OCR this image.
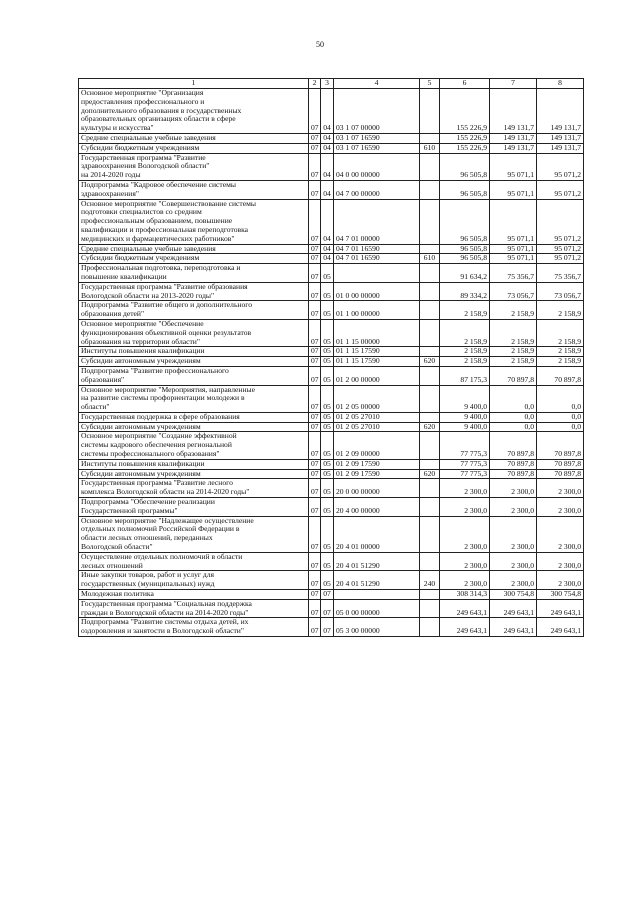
50
1	2	3	4	5	6	7	8
Основное мероприятие "Организация
предоставления профессионального и
дополнительного образования в государственных
образовательных организациях области в сфере
культуры и искусства"	07	04	03 1 07 00000		155 226,9	149 131,7	149 131,7
Средние специальные учебные заведения	07	04	03 1 07 16590		155 226,9	149 131,7	149 131,7
Субсидии бюджетным учреждениям	07	04	03 1 07 16590	610	155 226,9	149 131,7	149 131,7
Государственная программа "Развитие
здравоохранения Вологодской области"
на 2014-2020 годы	07	04	04 0 00 00000		96 505,8	95 071,1	95 071,2
Подпрограмма "Кадровое обеспечение системы
здравоохранения"	07	04	04 7 00 00000		96 505,8	95 071,1	95 071,2
Основное мероприятие "Совершенствование системы
подготовки специалистов со средним
профессиональным образованием, повышение
квалификации и профессиональная переподготовка
медицинских и фармацевтических работников"	07	04	04 7 01 00000		96 505,8	95 071,1	95 071,2
Средние специальные учебные заведения	07	04	04 7 01 16590		96 505,8	95 071,1	95 071,2
Субсидии бюджетным учреждениям	07	04	04 7 01 16590	610	96 505,8	95 071,1	95 071,2
Профессиональная подготовка, переподготовка и
повышение квалификации	07	05			91 634,2	75 356,7	75 356,7
Государственная программа "Развитие образования
Вологодской области на 2013-2020 годы"	07	05	01 0 00 00000		89 334,2	73 056,7	73 056,7
Подпрограмма "Развитие общего и дополнительного
образования детей"	07	05	01 1 00 00000		2 158,9	2 158,9	2 158,9
Основное мероприятие "Обеспечение
функционирования объективной оценки результатов
образования на территории области"	07	05	01 1 15 00000		2 158,9	2 158,9	2 158,9
Институты повышения квалификации	07	05	01 1 15 17590		2 158,9	2 158,9	2 158,9
Субсидии автономным учреждениям	07	05	01 1 15 17590	620	2 158,9	2 158,9	2 158,9
Подпрограмма "Развитие профессионального
образования"	07	05	01 2 00 00000		87 175,3	70 897,8	70 897,8
Основное мероприятие "Мероприятия, направленные
на развитие системы профориентации молодежи в
области"	07	05	01 2 05 00000		9 400,0	0,0	0,0
Государственная поддержка в сфере образования	07	05	01 2 05 27010		9 400,0	0,0	0,0
Субсидии автономным учреждениям	07	05	01 2 05 27010	620	9 400,0	0,0	0,0
Основное мероприятие "Создание эффективной
системы кадрового обеспечения региональной
системы профессионального образования"	07	05	01 2 09 00000		77 775,3	70 897,8	70 897,8
Институты повышения квалификации	07	05	01 2 09 17590		77 775,3	70 897,8	70 897,8
Субсидии автономным учреждениям	07	05	01 2 09 17590	620	77 775,3	70 897,8	70 897,8
Государственная программа "Развитие лесного
комплекса Вологодской области на 2014-2020 годы"	07	05	20 0 00 00000		2 300,0	2 300,0	2 300,0
Подпрограмма "Обеспечение реализации
Государственной программы"	07	05	20 4 00 00000		2 300,0	2 300,0	2 300,0
Основное мероприятие "Надлежащее осуществление
отдельных полномочий Российской Федерации в
области лесных отношений, переданных
Вологодской области"	07	05	20 4 01 00000		2 300,0	2 300,0	2 300,0
Осуществление отдельных полномочий в области
лесных отношений	07	05	20 4 01 51290		2 300,0	2 300,0	2 300,0
Иные закупки товаров, работ и услуг для
государственных (муниципальных) нужд	07	05	20 4 01 51290	240	2 300,0	2 300,0	2 300,0
Молодежная политика	07	07			308 314,3	300 754,8	300 754,8
Государственная программа "Социальная поддержка
граждан в Вологодской области на 2014-2020 годы"	07	07	05 0 00 00000		249 643,1	249 643,1	249 643,1
Подпрограмма "Развитие системы отдыха детей, их
оздоровления и занятости в Вологодской области"	07	07	05 3 00 00000		249 643,1	249 643,1	249 643,1
